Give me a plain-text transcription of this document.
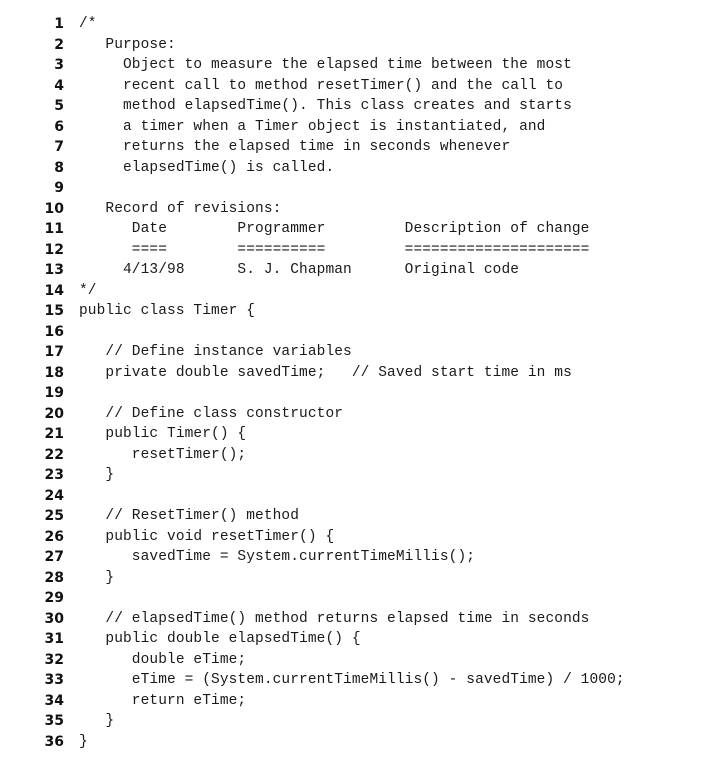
1 /*
2 Purpose:
3 Object to measure the elapsed time between the most
4 recent call to method resetTimer() and the call to
5 method elapsedTime(). This class creates and starts
6 a timer when a Timer object is instantiated, and
7 returns the elapsed time in seconds whenever
8 elapsedTime() is called.
9
10 Record of revisions:
11 Date        Programmer         Description of change
12 ====        ==========         =====================
13 4/13/98      S. J. Chapman      Original code
14 */
15 public class Timer {
16
17 // Define instance variables
18 private double savedTime;   // Saved start time in ms
19
20 // Define class constructor
21 public Timer() {
22 resetTimer();
23 }
24
25 // ResetTimer() method
26 public void resetTimer() {
27 savedTime = System.currentTimeMillis();
28 }
29
30 // elapsedTime() method returns elapsed time in seconds
31 public double elapsedTime() {
32 double eTime;
33 eTime = (System.currentTimeMillis() - savedTime) / 1000;
34 return eTime;
35 }
36 }
